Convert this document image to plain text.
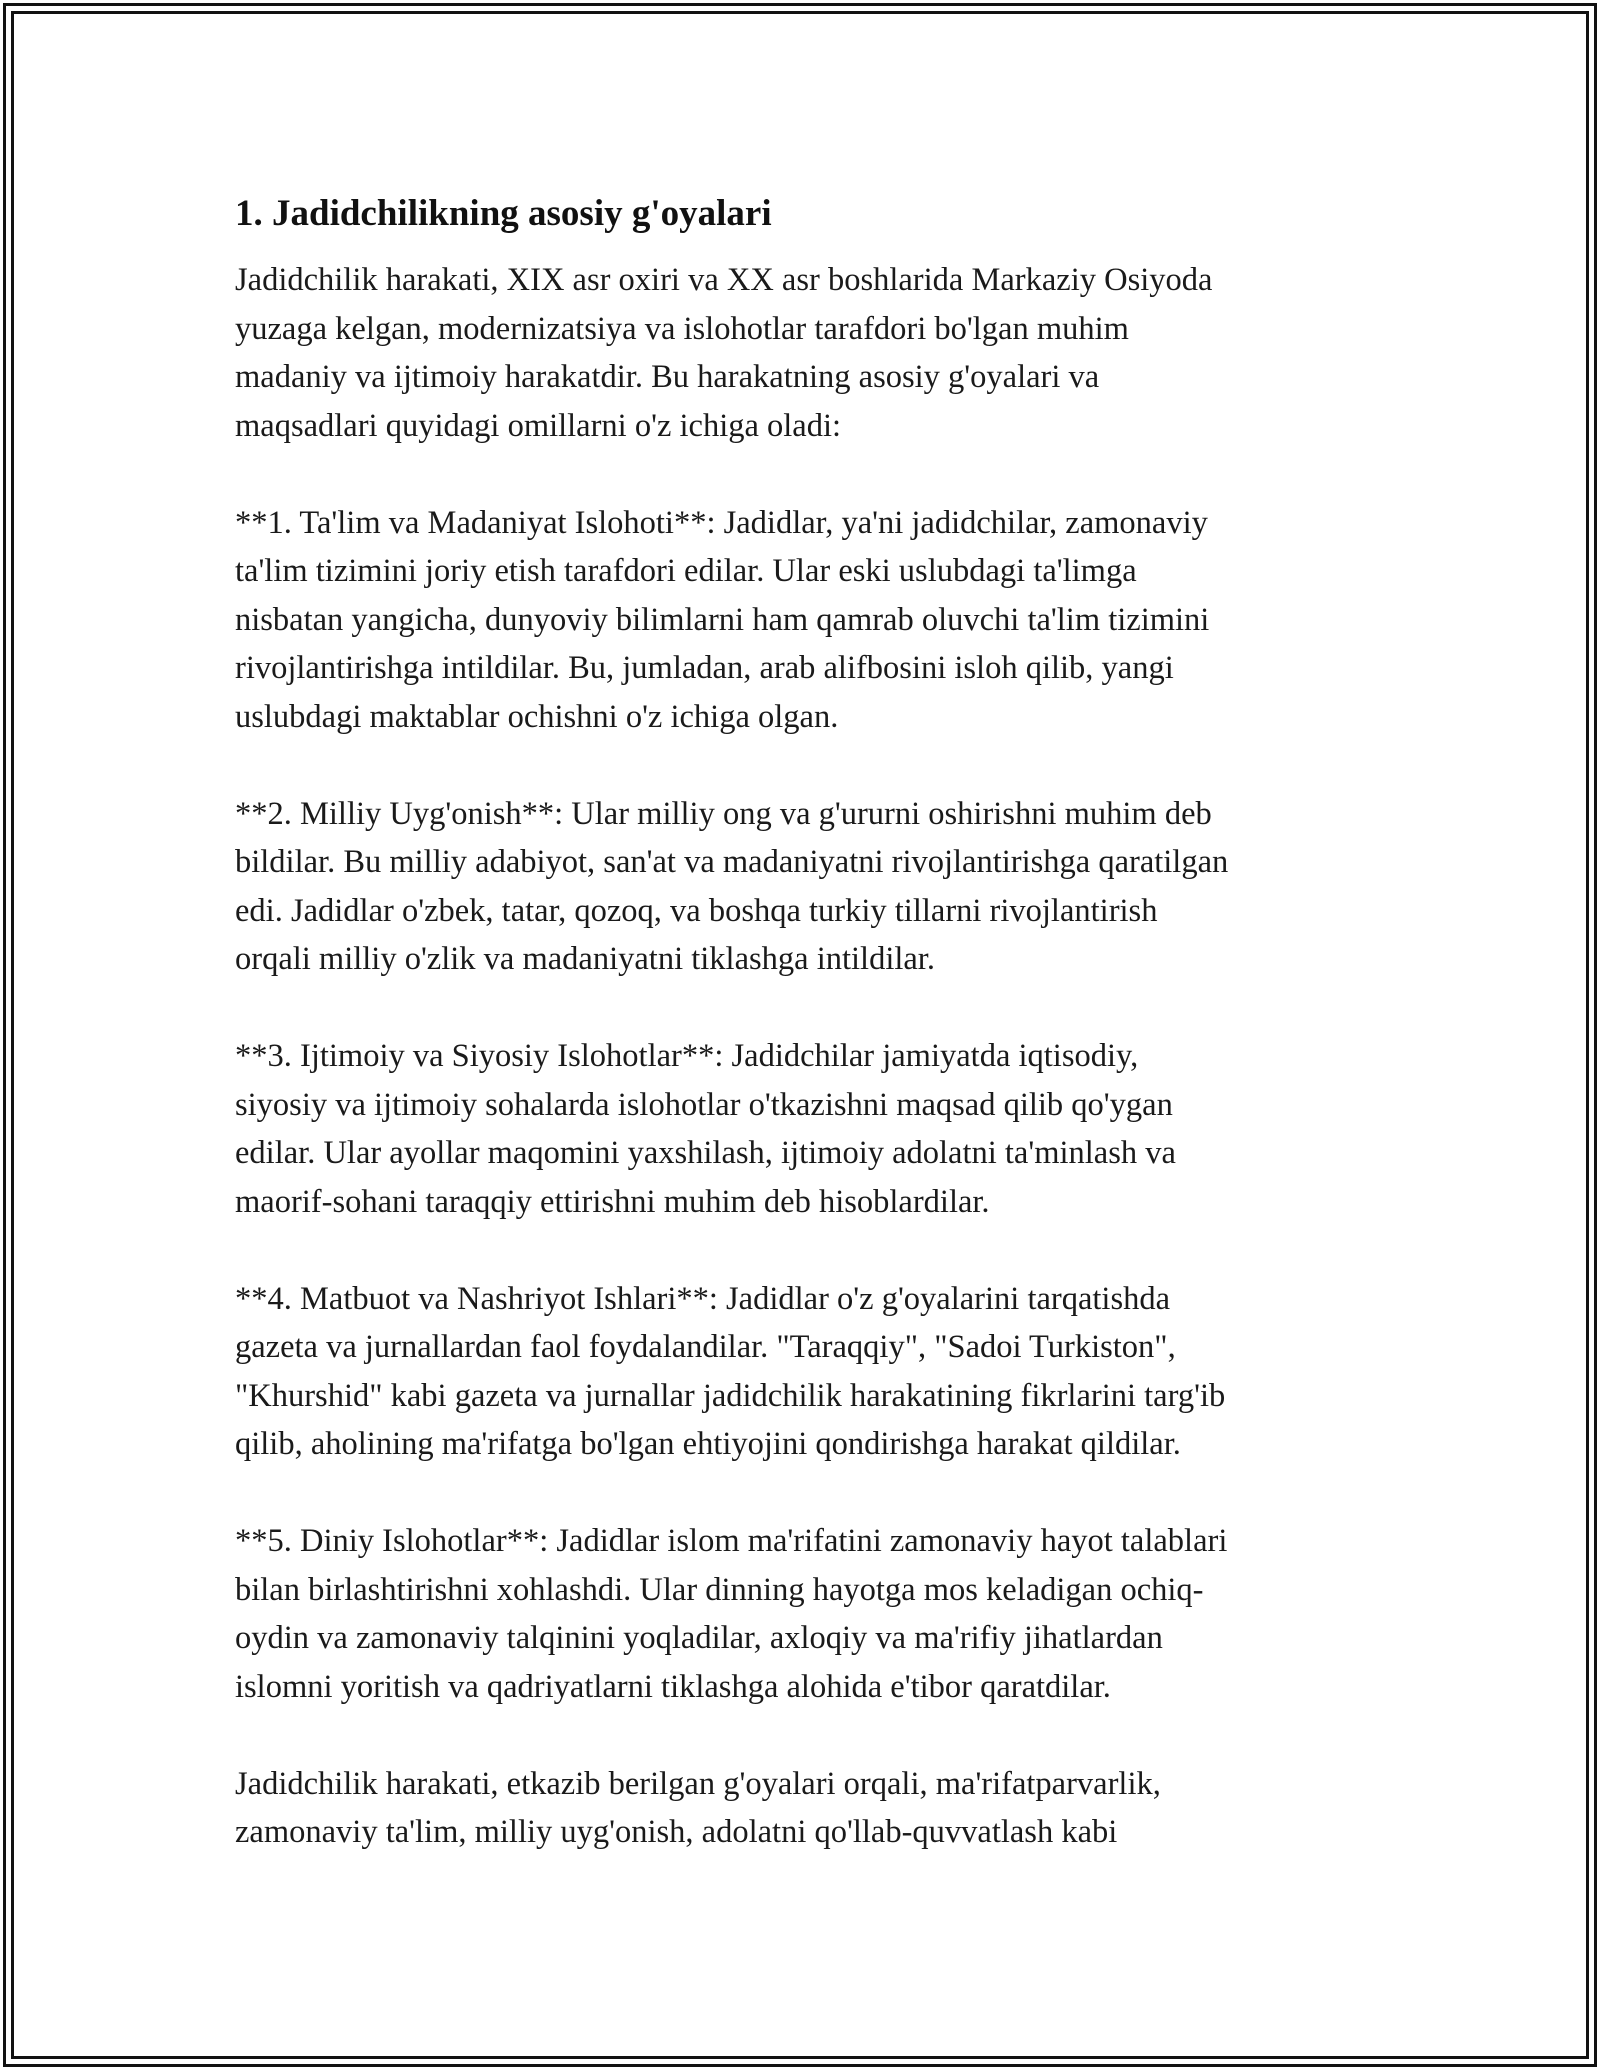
1. Jadidchilikning asosiy g'oyalari

Jadidchilik harakati, XIX asr oxiri va XX asr boshlarida Markaziy Osiyoda
yuzaga kelgan, modernizatsiya va islohotlar tarafdori bo'lgan muhim
madaniy va ijtimoiy harakatdir. Bu harakatning asosiy g'oyalari va
maqsadlari quyidagi omillarni o'z ichiga oladi:

**1. Ta'lim va Madaniyat Islohoti**: Jadidlar, ya'ni jadidchilar, zamonaviy
ta'lim tizimini joriy etish tarafdori edilar. Ular eski uslubdagi ta'limga
nisbatan yangicha, dunyoviy bilimlarni ham qamrab oluvchi ta'lim tizimini
rivojlantirishga intildilar. Bu, jumladan, arab alifbosini isloh qilib, yangi
uslubdagi maktablar ochishni o'z ichiga olgan.

**2. Milliy Uyg'onish**: Ular milliy ong va g'ururni oshirishni muhim deb
bildilar. Bu milliy adabiyot, san'at va madaniyatni rivojlantirishga qaratilgan
edi. Jadidlar o'zbek, tatar, qozoq, va boshqa turkiy tillarni rivojlantirish
orqali milliy o'zlik va madaniyatni tiklashga intildilar.

**3. Ijtimoiy va Siyosiy Islohotlar**: Jadidchilar jamiyatda iqtisodiy,
siyosiy va ijtimoiy sohalarda islohotlar o'tkazishni maqsad qilib qo'ygan
edilar. Ular ayollar maqomini yaxshilash, ijtimoiy adolatni ta'minlash va
maorif-sohani taraqqiy ettirishni muhim deb hisoblardilar.

**4. Matbuot va Nashriyot Ishlari**: Jadidlar o'z g'oyalarini tarqatishda
gazeta va jurnallardan faol foydalandilar. "Taraqqiy", "Sadoi Turkiston",
"Khurshid" kabi gazeta va jurnallar jadidchilik harakatining fikrlarini targ'ib
qilib, aholining ma'rifatga bo'lgan ehtiyojini qondirishga harakat qildilar.

**5. Diniy Islohotlar**: Jadidlar islom ma'rifatini zamonaviy hayot talablari
bilan birlashtirishni xohlashdi. Ular dinning hayotga mos keladigan ochiq-
oydin va zamonaviy talqinini yoqladilar, axloqiy va ma'rifiy jihatlardan
islomni yoritish va qadriyatlarni tiklashga alohida e'tibor qaratdilar.

Jadidchilik harakati, etkazib berilgan g'oyalari orqali, ma'rifatparvarlik,
zamonaviy ta'lim, milliy uyg'onish, adolatni qo'llab-quvvatlash kabi
